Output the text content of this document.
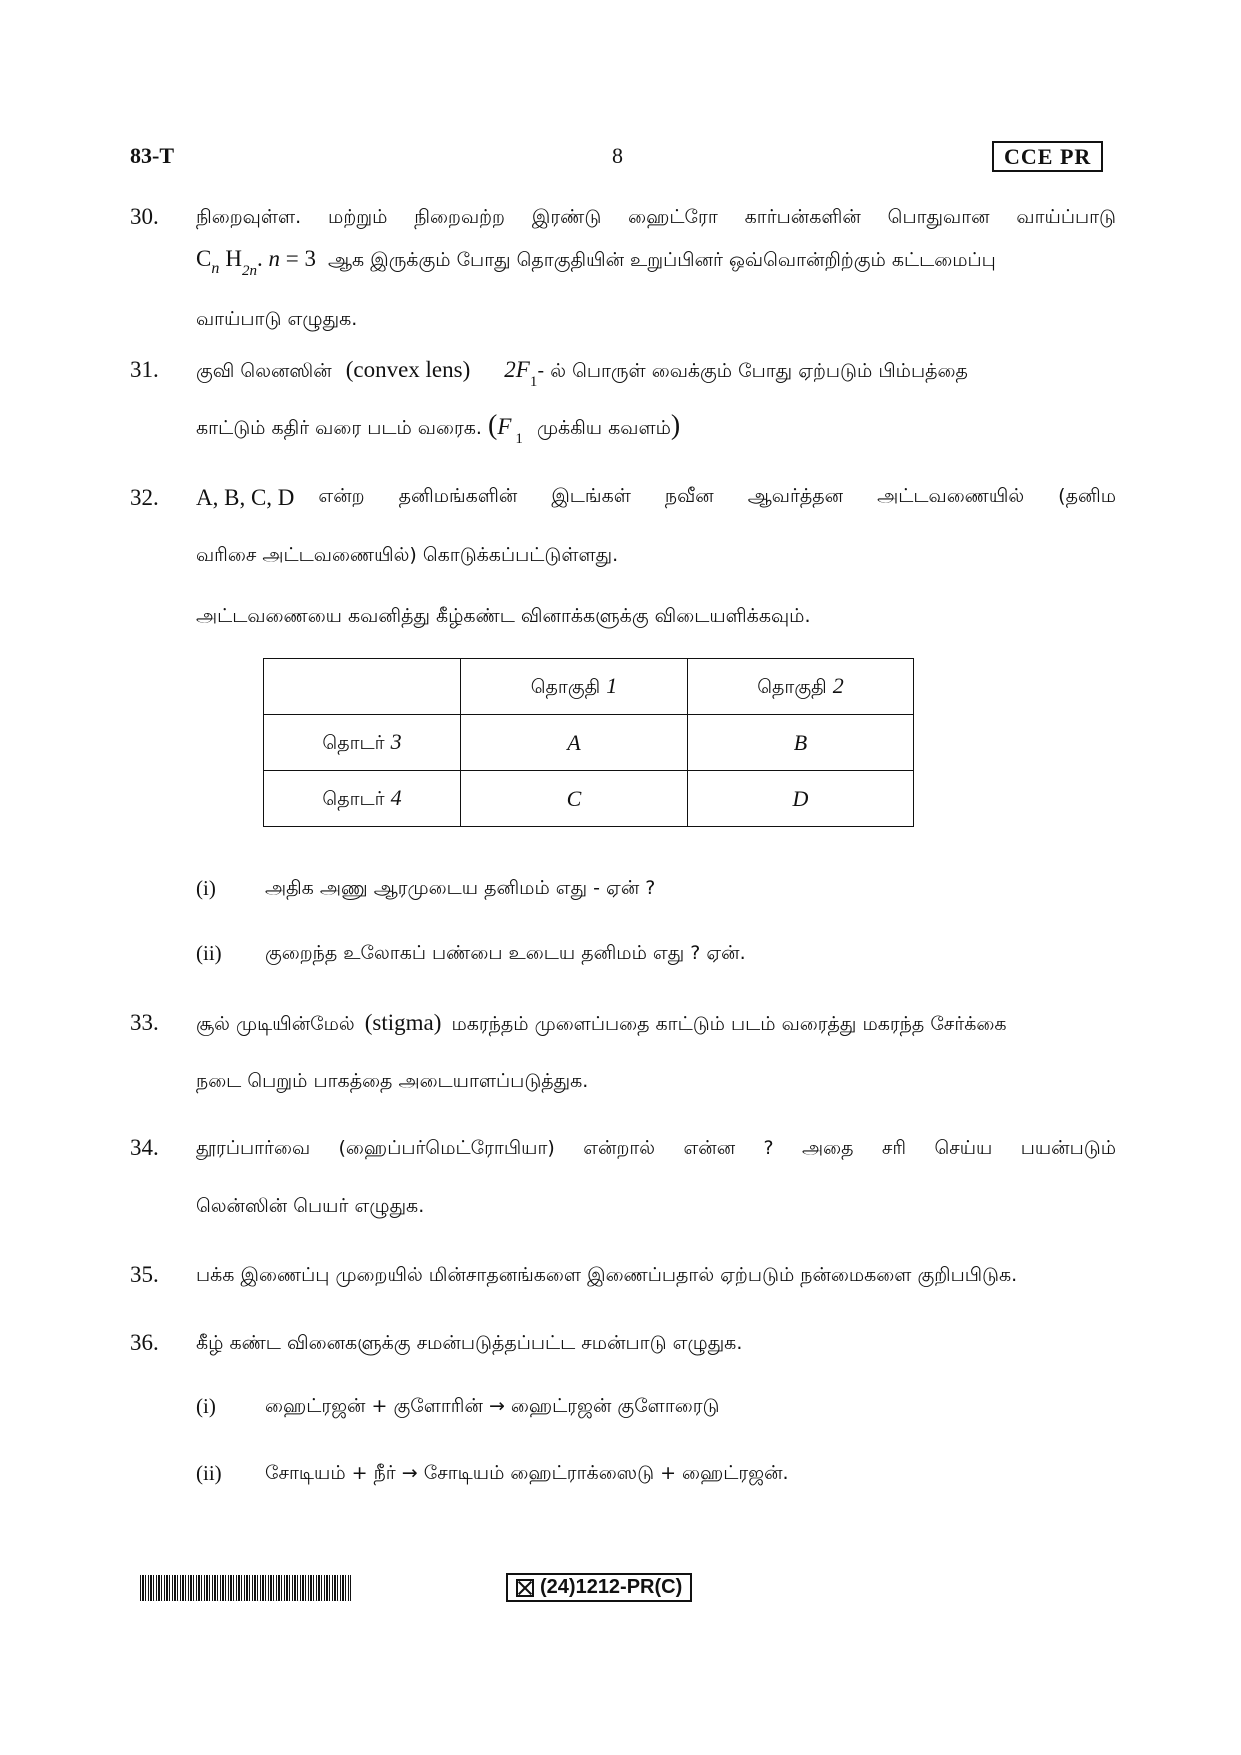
83-T	8	CCE PR
30. நிறைவுள்ள. மற்றும் நிறைவற்ற இரண்டு ஹைட்ரோ கார்பன்களின் பொதுவான வாய்ப்பாடு
$C_n$ $H_{2n}$. n = 3 ஆக இருக்கும் போது தொகுதியின் உறுப்பினர் ஒவ்வொன்றிற்கும் கட்டமைப்பு
வாய்பாடு எழுதுக.
31. குவி லெனஸின் (convex lens) $2F_1-$ ல் பொருள் வைக்கும் போது ஏற்படும் பிம்பத்தை
காட்டும் கதிர் வரை படம் வரைக. (F $_1$ முக்கிய கவளம்)
32. A, B, C, D என்ற தனிமங்களின் இடங்கள் நவீன ஆவர்த்தன அட்டவணையில் (தனிம
வரிசை அட்டவணையில்) கொடுக்கப்பட்டுள்ளது.
அட்டவணையை கவனித்து கீழ்கண்ட வினாக்களுக்கு விடையளிக்கவும்.
	தொகுதி 1	தொகுதி 2
தொடர் 3	A	B
தொடர் 4	C	D
(i)	அதிக அணு ஆரமுடைய தனிமம் எது - ஏன் ?
(ii) குறைந்த உலோகப் பண்பை உடைய தனிமம் எது ? ஏன்.
33. சூல் முடியின்மேல் (stigma) மகரந்தம் முளைப்பதை காட்டும் படம் வரைத்து மகரந்த சேர்க்கை
நடை பெறும் பாகத்தை அடையாளப்படுத்துக.
34. தூரப்பார்வை (ஹைப்பர்மெட்ரோபியா) என்றால் என்ன ? அதை சரி செய்ய பயன்படும்
லென்ஸின் பெயர் எழுதுக.
35. பக்க இணைப்பு முறையில் மின்சாதனங்களை இணைப்பதால் ஏற்படும் நன்மைகளை குறிபபிடுக.
36. கீழ் கண்ட வினைகளுக்கு சமன்படுத்தப்பட்ட சமன்பாடு எழுதுக.
(i)	ஹைட்ரஜன் + குளோரின் → ஹைட்ரஜன் குளோரைடு
(ii) சோடியம் + நீர் → சோடியம் ஹைட்ராக்ஸைடு + ஹைட்ரஜன்.
(24)1212-PR(C)
